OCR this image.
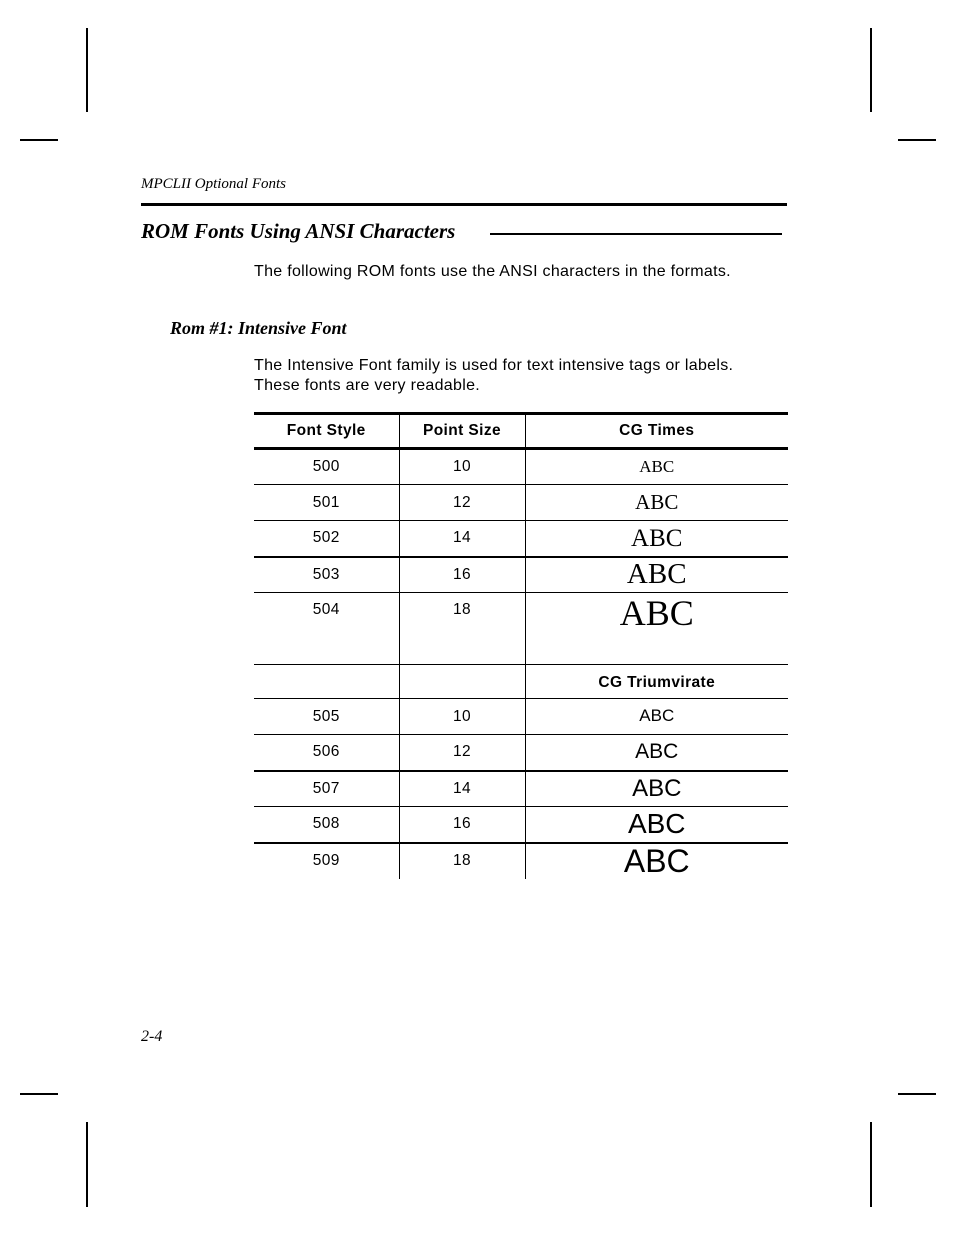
MPCLII Optional Fonts
ROM Fonts Using ANSI Characters
The following ROM fonts use the ANSI characters in the formats.
Rom #1: Intensive Font
The Intensive Font family is used for text intensive tags or labels. These fonts are very readable.
Font Style	Point Size	CG Times
500	10	ABC
501	12	ABC
502	14	ABC
503	16	ABC
504	18	ABC
		CG Triumvirate
505	10	ABC
506	12	ABC
507	14	ABC
508	16	ABC
509	18	ABC
2-4
